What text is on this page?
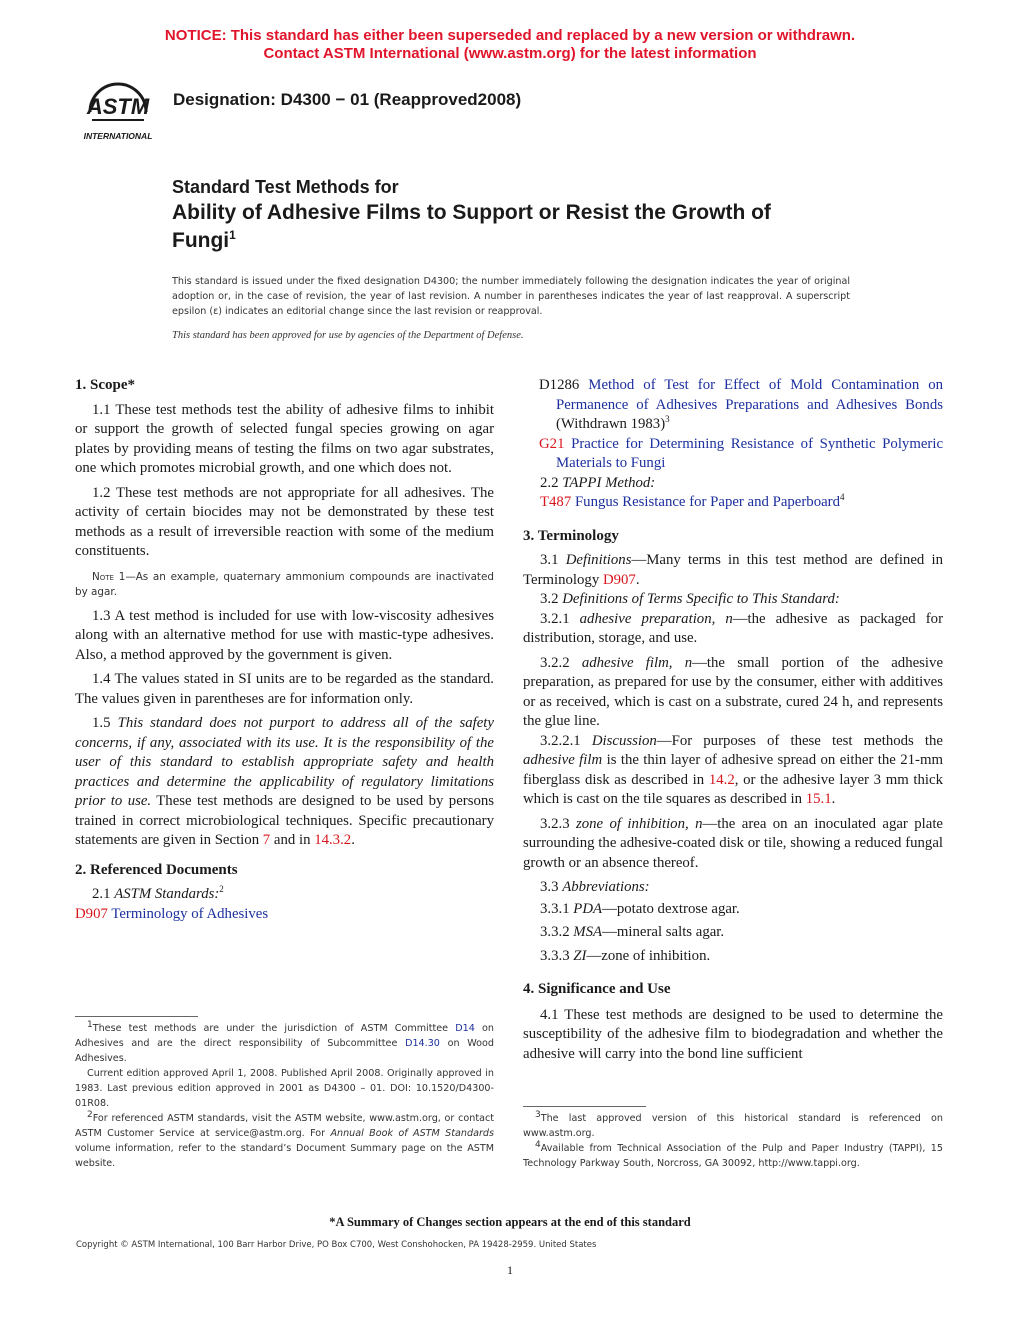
NOTICE: This standard has either been superseded and replaced by a new version or withdrawn.
Contact ASTM International (www.astm.org) for the latest information
ASTM
INTERNATIONAL
Designation: D4300 − 01 (Reapproved2008)
Standard Test Methods for
Ability of Adhesive Films to Support or Resist the Growth of
Fungi$^1$
This standard is issued under the fixed designation D4300; the number immediately following the designation indicates the year of original adoption or, in the case of revision, the year of last revision. A number in parentheses indicates the year of last reapproval. A superscript epsilon (ε) indicates an editorial change since the last revision or reapproval.
This standard has been approved for use by agencies of the Department of Defense.

1. Scope*

1.1 These test methods test the ability of adhesive films to inhibit or support the growth of selected fungal species growing on agar plates by providing means of testing the films on two agar substrates, one which promotes microbial growth, and one which does not.

1.2 These test methods are not appropriate for all adhesives. The activity of certain biocides may not be demonstrated by these test methods as a result of irreversible reaction with some of the medium constituents.

Note 1—As an example, quaternary ammonium compounds are inactivated by agar.

1.3 A test method is included for use with low-viscosity adhesives along with an alternative method for use with mastic-type adhesives. Also, a method approved by the government is given.

1.4 The values stated in SI units are to be regarded as the standard. The values given in parentheses are for information only.

1.5 This standard does not purport to address all of the safety concerns, if any, associated with its use. It is the responsibility of the user of this standard to establish appropriate safety and health practices and determine the applicability of regulatory limitations prior to use. These test methods are designed to be used by persons trained in correct microbiological techniques. Specific precautionary statements are given in Section 7 and in 14.3.2.

2. Referenced Documents

2.1 ASTM Standards:$^2$

D907 Terminology of Adhesives

$^1$These test methods are under the jurisdiction of ASTM Committee D14 on Adhesives and are the direct responsibility of Subcommittee D14.30 on Wood Adhesives.

Current edition approved April 1, 2008. Published April 2008. Originally approved in 1983. Last previous edition approved in 2001 as D4300 – 01. DOI: 10.1520/D4300-01R08.

$^2$For referenced ASTM standards, visit the ASTM website, www.astm.org, or contact ASTM Customer Service at service@astm.org. For Annual Book of ASTM Standards volume information, refer to the standard’s Document Summary page on the ASTM website.

D1286 Method of Test for Effect of Mold Contamination on Permanence of Adhesives Preparations and Adhesives Bonds (Withdrawn 1983)$^3$

G21 Practice for Determining Resistance of Synthetic Polymeric Materials to Fungi

2.2 TAPPI Method:

T487 Fungus Resistance for Paper and Paperboard$^4$

3. Terminology

3.1 Definitions—Many terms in this test method are defined in Terminology D907.

3.2 Definitions of Terms Specific to This Standard:

3.2.1 adhesive preparation, n—the adhesive as packaged for distribution, storage, and use.

3.2.2 adhesive film, n—the small portion of the adhesive preparation, as prepared for use by the consumer, either with additives or as received, which is cast on a substrate, cured 24 h, and represents the glue line.

3.2.2.1 Discussion—For purposes of these test methods the adhesive film is the thin layer of adhesive spread on either the 21-mm fiberglass disk as described in 14.2, or the adhesive layer 3 mm thick which is cast on the tile squares as described in 15.1.

3.2.3 zone of inhibition, n—the area on an inoculated agar plate surrounding the adhesive-coated disk or tile, showing a reduced fungal growth or an absence thereof.

3.3 Abbreviations:

3.3.1 PDA—potato dextrose agar.

3.3.2 MSA—mineral salts agar.

3.3.3 ZI—zone of inhibition.

4. Significance and Use

4.1 These test methods are designed to be used to determine the susceptibility of the adhesive film to biodegradation and whether the adhesive will carry into the bond line sufficient

$^3$The last approved version of this historical standard is referenced on www.astm.org.

$^4$Available from Technical Association of the Pulp and Paper Industry (TAPPI), 15 Technology Parkway South, Norcross, GA 30092, http://www.tappi.org.

*A Summary of Changes section appears at the end of this standard
Copyright © ASTM International, 100 Barr Harbor Drive, PO Box C700, West Conshohocken, PA 19428-2959. United States
1
